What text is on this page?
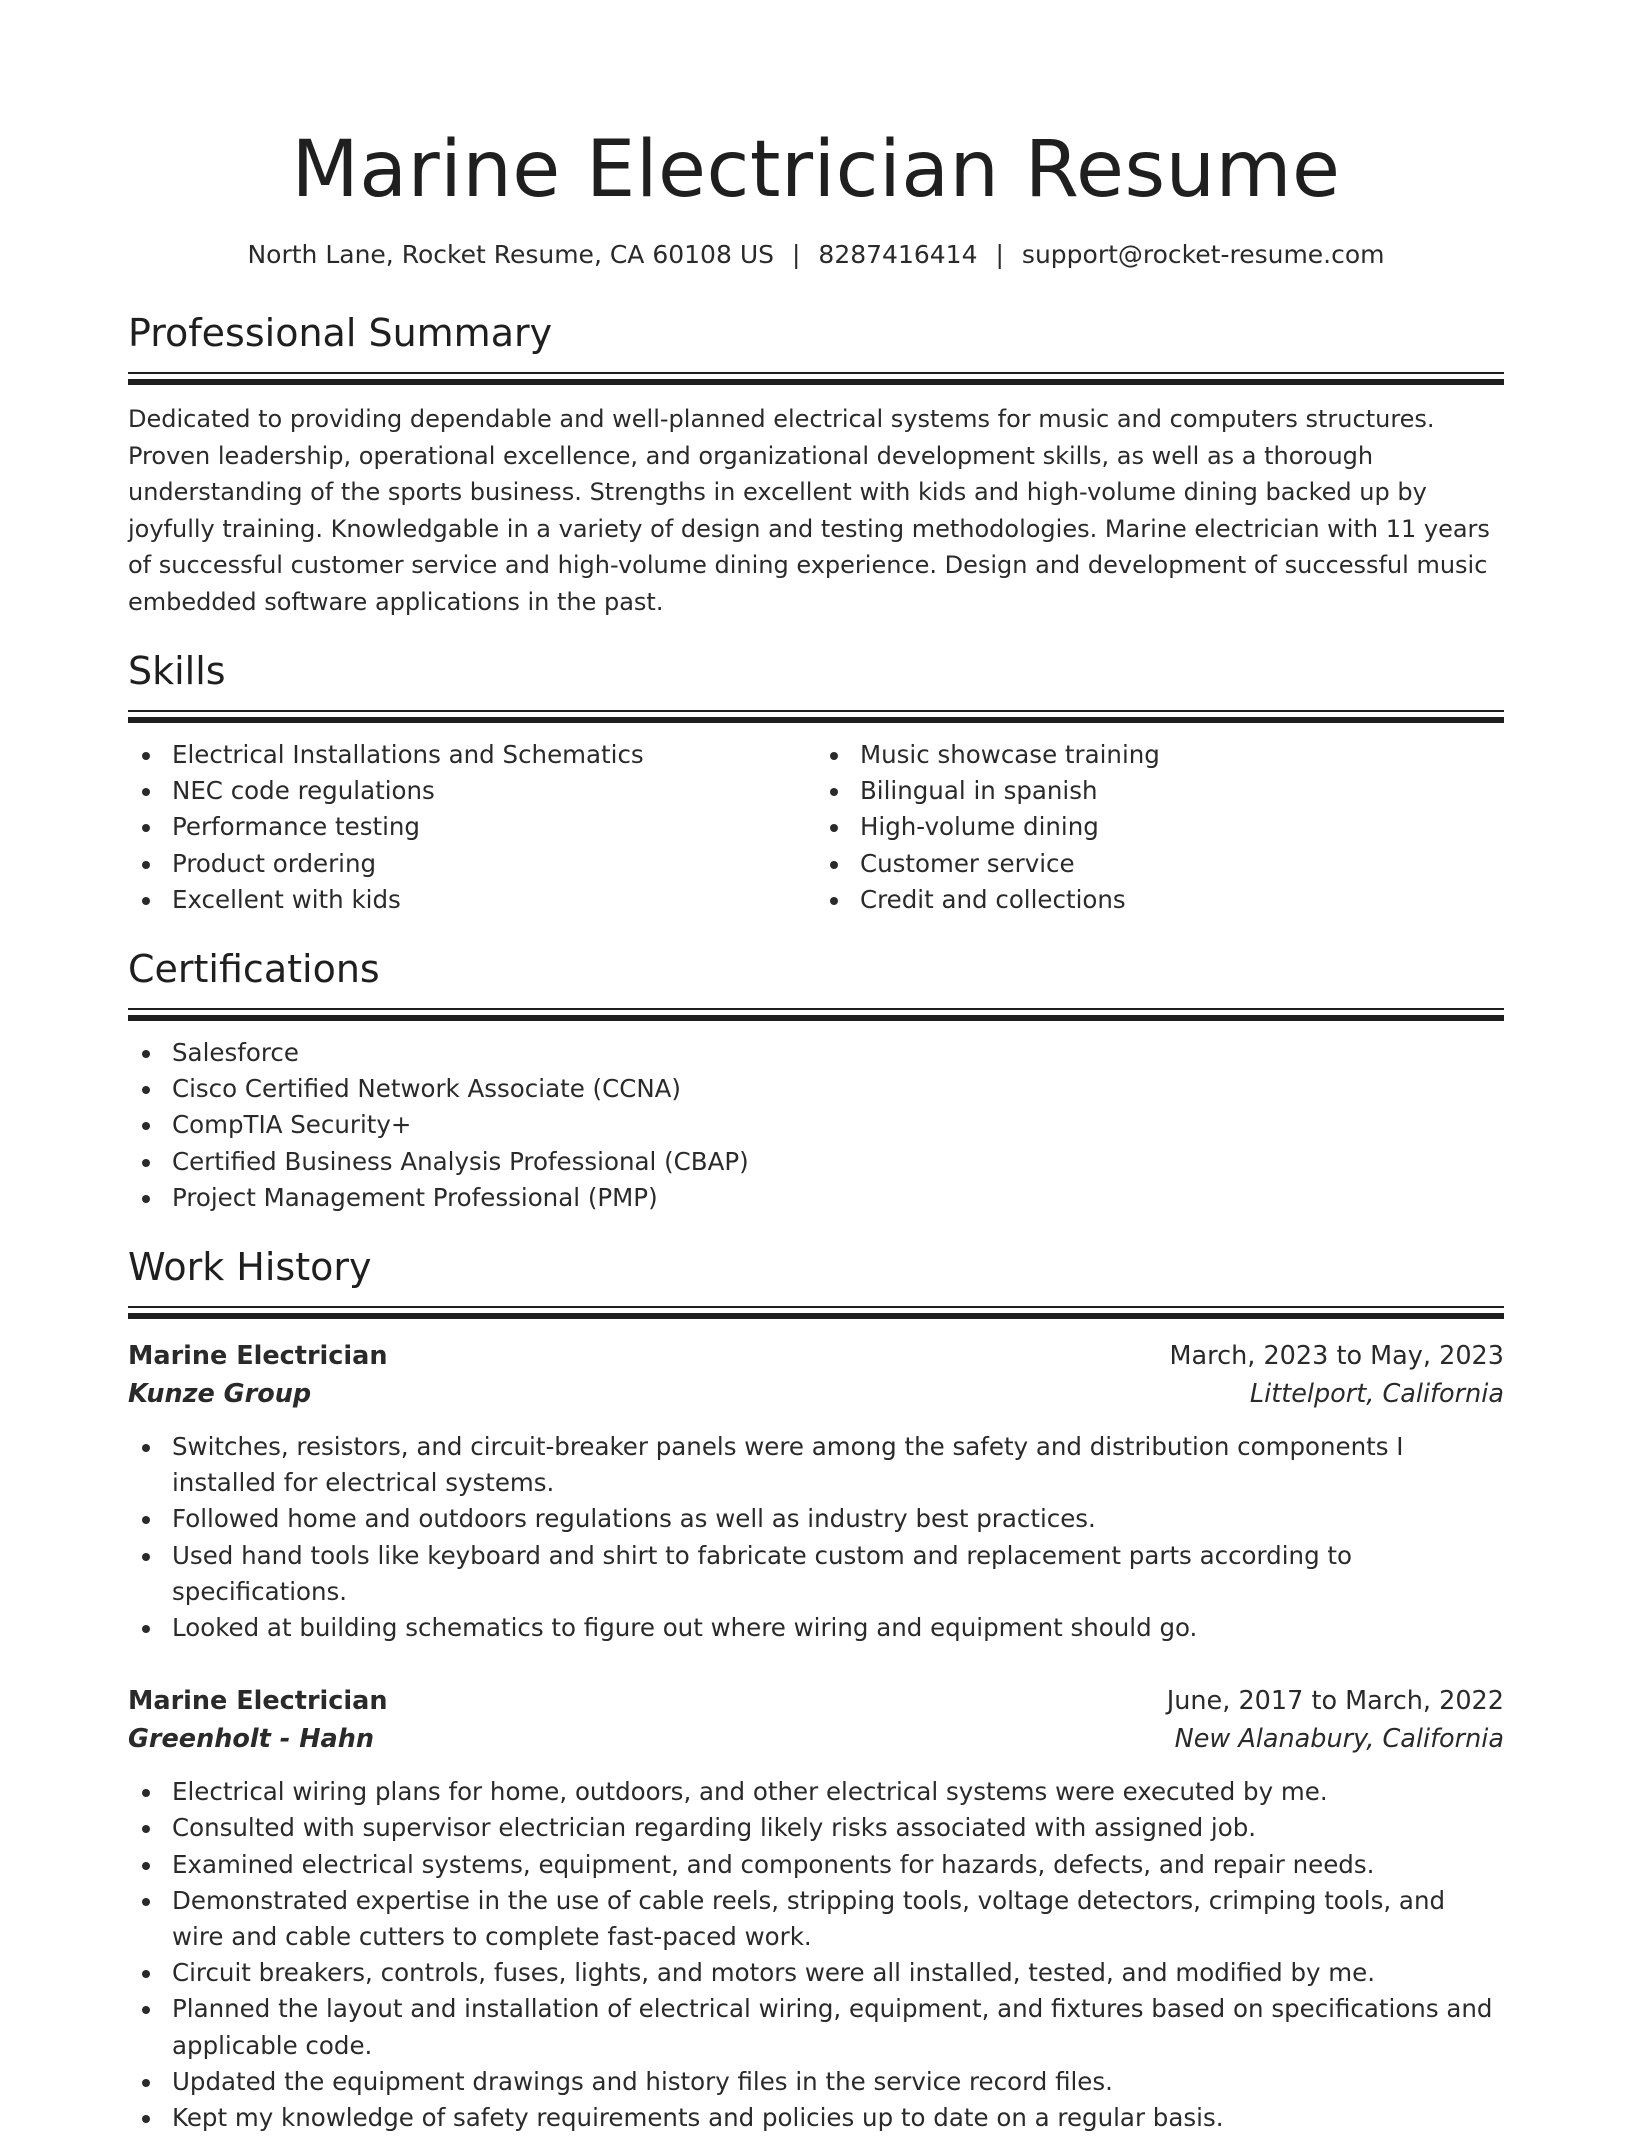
Marine Electrician Resume
North Lane, Rocket Resume, CA 60108 US | 8287416414 | support@rocket-resume.com
Professional Summary

Dedicated to providing dependable and well-planned electrical systems for music and computers structures. Proven leadership, operational excellence, and organizational development skills, as well as a thorough understanding of the sports business. Strengths in excellent with kids and high-volume dining backed up by joyfully training. Knowledgable in a variety of design and testing methodologies. Marine electrician with 11 years of successful customer service and high-volume dining experience. Design and development of successful music embedded software applications in the past.

Skills
Electrical Installations and Schematics
NEC code regulations
Performance testing
Product ordering
Excellent with kids
Music showcase training
Bilingual in spanish
High-volume dining
Customer service
Credit and collections
Certifications
Salesforce
Cisco Certified Network Associate (CCNA)
CompTIA Security+
Certified Business Analysis Professional (CBAP)
Project Management Professional (PMP)
Work History
Marine Electrician	March, 2023 to May, 2023
Kunze Group	Littelport, California
Switches, resistors, and circuit-breaker panels were among the safety and distribution components I installed for electrical systems.
Followed home and outdoors regulations as well as industry best practices.
Used hand tools like keyboard and shirt to fabricate custom and replacement parts according to specifications.
Looked at building schematics to figure out where wiring and equipment should go.
Marine Electrician	June, 2017 to March, 2022
Greenholt - Hahn	New Alanabury, California
Electrical wiring plans for home, outdoors, and other electrical systems were executed by me.
Consulted with supervisor electrician regarding likely risks associated with assigned job.
Examined electrical systems, equipment, and components for hazards, defects, and repair needs.
Demonstrated expertise in the use of cable reels, stripping tools, voltage detectors, crimping tools, and wire and cable cutters to complete fast-paced work.
Circuit breakers, controls, fuses, lights, and motors were all installed, tested, and modified by me.
Planned the layout and installation of electrical wiring, equipment, and fixtures based on specifications and applicable code.
Updated the equipment drawings and history files in the service record files.
Kept my knowledge of safety requirements and policies up to date on a regular basis.
